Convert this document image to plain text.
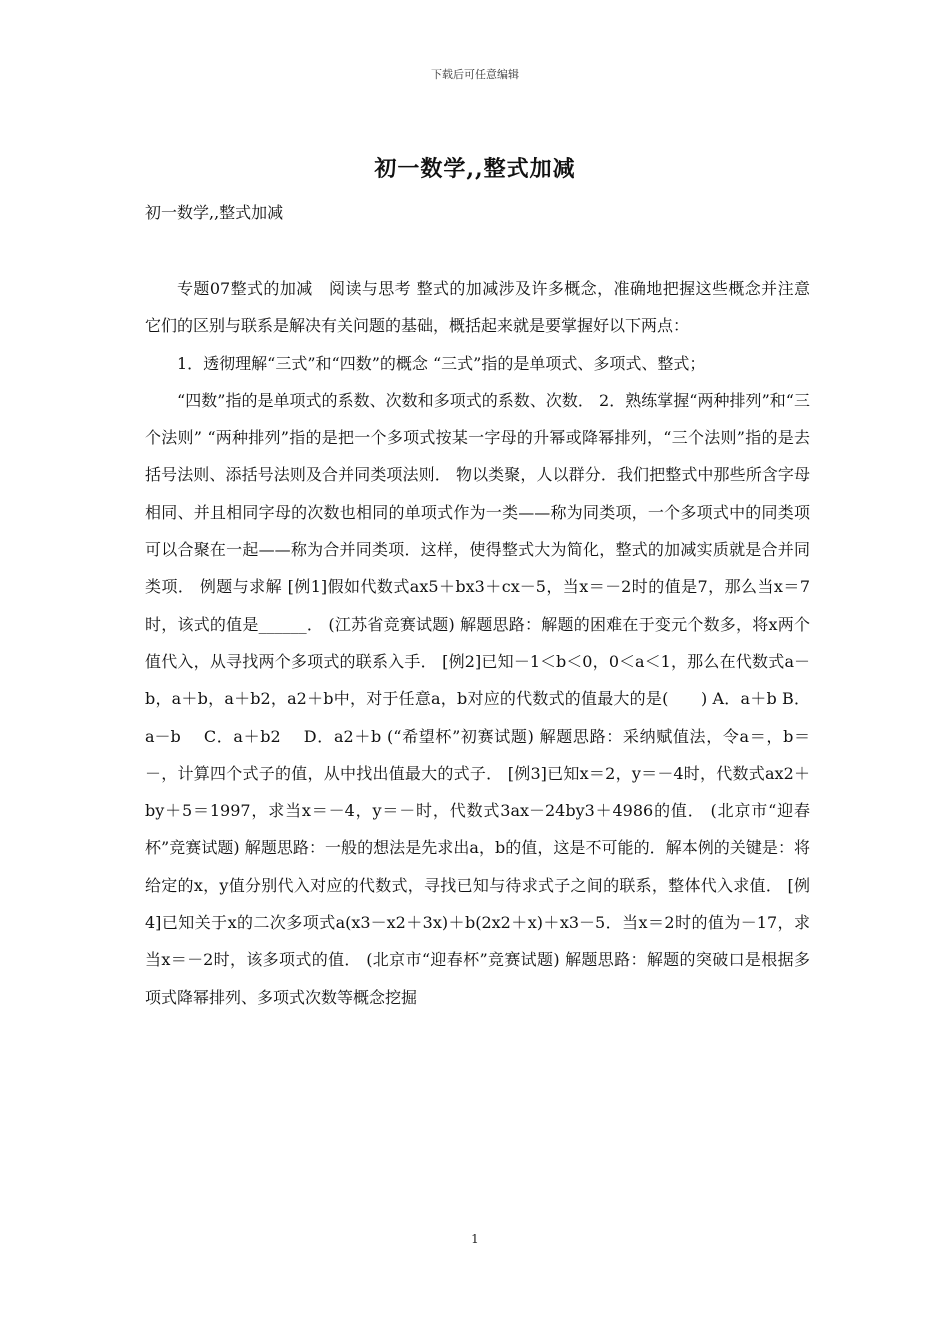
下载后可任意编辑
初一数学,,整式加减
初一数学,,整式加减

专题07整式的加减　阅读与思考 整式的加减涉及许多概念，准确地把握这些概念并注意它们的区别与联系是解决有关问题的基础，概括起来就是要掌握好以下两点：

1．透彻理解“三式”和“四数”的概念 “三式”指的是单项式、多项式、整式；

“四数”指的是单项式的系数、次数和多项式的系数、次数． 2．熟练掌握“两种排列”和“三个法则” “两种排列”指的是把一个多项式按某一字母的升幂或降幂排列，“三个法则”指的是去括号法则、添括号法则及合并同类项法则． 物以类聚，人以群分．我们把整式中那些所含字母相同、并且相同字母的次数也相同的单项式作为一类——称为同类项，一个多项式中的同类项可以合聚在一起——称为合并同类项．这样，使得整式大为简化，整式的加减实质就是合并同类项． 例题与求解 [例1]假如代数式ax5＋bx3＋cx－5，当x＝－2时的值是7，那么当x＝7时，该式的值是______． (江苏省竞赛试题) 解题思路：解题的困难在于变元个数多，将x两个值代入，从寻找两个多项式的联系入手． [例2]已知－1＜b＜0，0＜a＜1，那么在代数式a－b，a＋b，a＋b2，a2＋b中，对于任意a，b对应的代数式的值最大的是(　　) A．a＋b B．a－b　 C．a＋b2　 D．a2＋b (“希望杯”初赛试题) 解题思路：采纳赋值法，令a＝，b＝－，计算四个式子的值，从中找出值最大的式子． [例3]已知x＝2，y＝－4时，代数式ax2＋by＋5＝1997，求当x＝－4，y＝－时，代数式3ax－24by3＋4986的值． (北京市“迎春杯”竞赛试题) 解题思路：一般的想法是先求出a，b的值，这是不可能的．解本例的关键是：将给定的x，y值分别代入对应的代数式，寻找已知与待求式子之间的联系，整体代入求值． [例4]已知关于x的二次多项式a(x3－x2＋3x)＋b(2x2＋x)＋x3－5．当x＝2时的值为－17，求当x＝－2时，该多项式的值． (北京市“迎春杯”竞赛试题) 解题思路：解题的突破口是根据多项式降幂排列、多项式次数等概念挖掘

1
